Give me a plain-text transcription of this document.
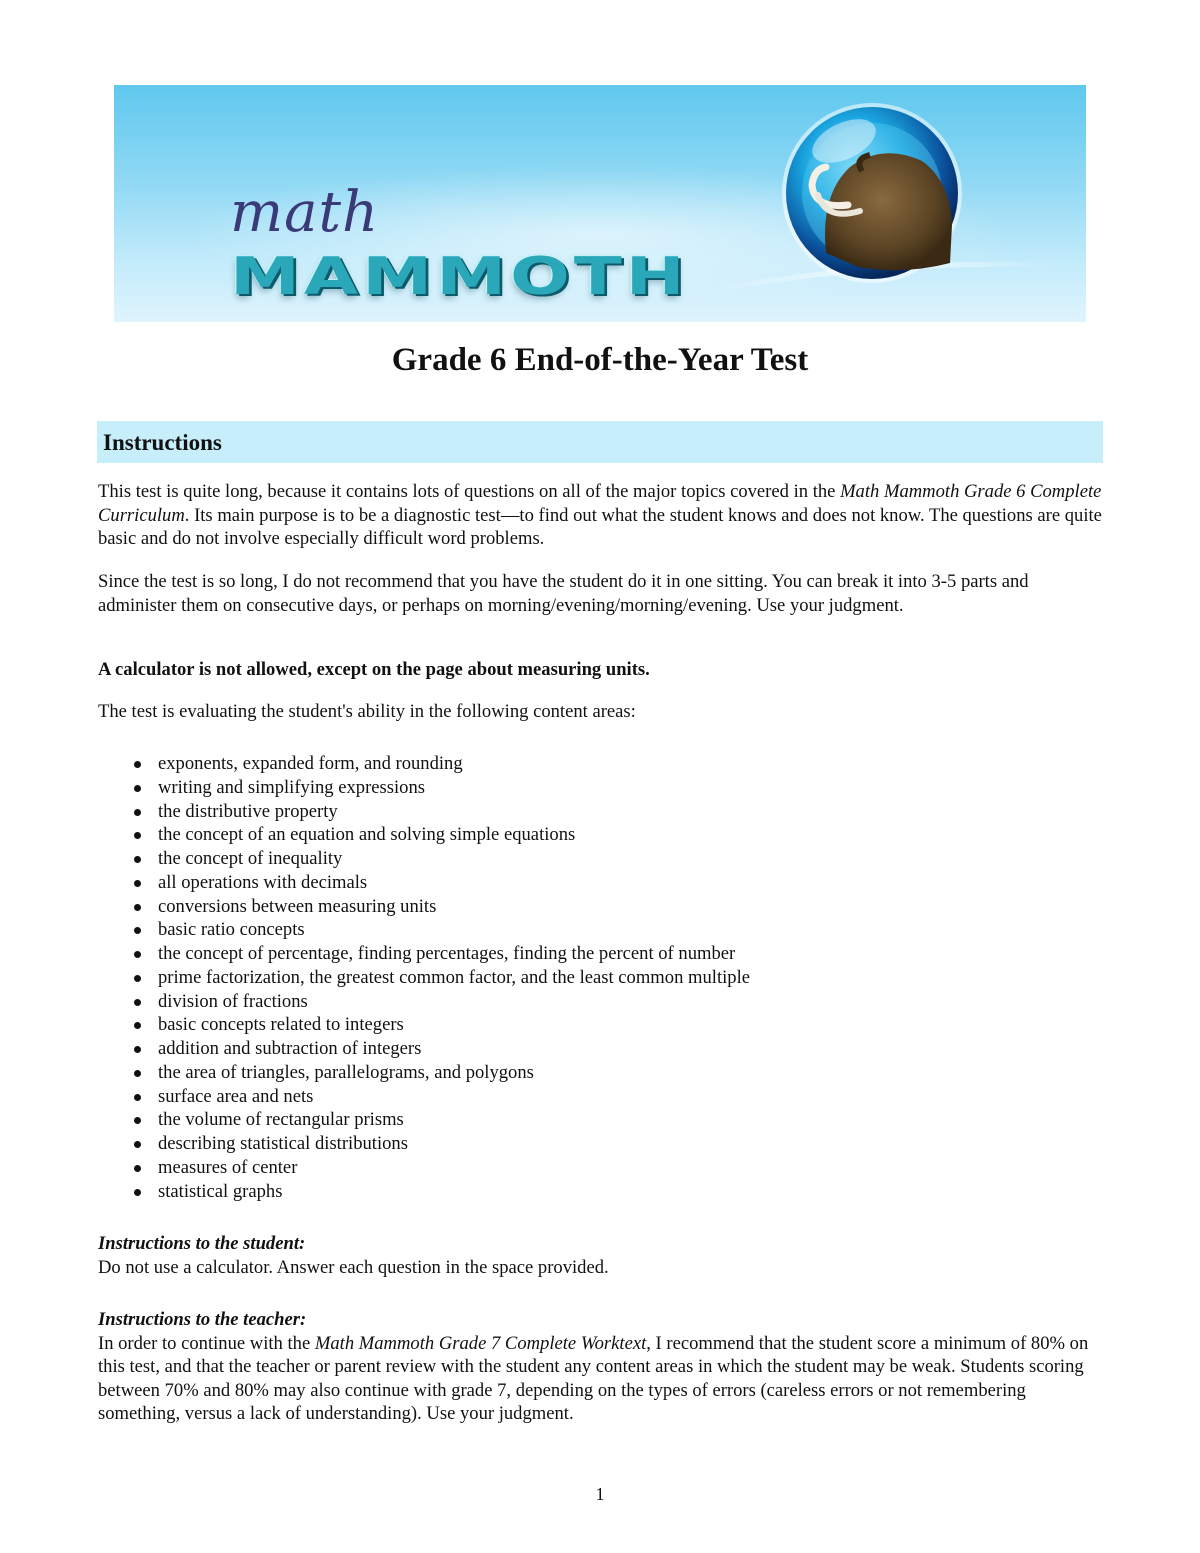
math
MAMMOTH
Grade 6 End-of-the-Year Test
Instructions

This test is quite long, because it contains lots of questions on all of the major topics covered in the Math Mammoth Grade 6 Complete Curriculum. Its main purpose is to be a diagnostic test—to find out what the student knows and does not know. The questions are quite basic and do not involve especially difficult word problems.

Since the test is so long, I do not recommend that you have the student do it in one sitting. You can break it into 3-5 parts and administer them on consecutive days, or perhaps on morning/evening/morning/evening. Use your judgment.

A calculator is not allowed, except on the page about measuring units.

The test is evaluating the student's ability in the following content areas:

exponents, expanded form, and rounding
writing and simplifying expressions
the distributive property
the concept of an equation and solving simple equations
the concept of inequality
all operations with decimals
conversions between measuring units
basic ratio concepts
the concept of percentage, finding percentages, finding the percent of number
prime factorization, the greatest common factor, and the least common multiple
division of fractions
basic concepts related to integers
addition and subtraction of integers
the area of triangles, parallelograms, and polygons
surface area and nets
the volume of rectangular prisms
describing statistical distributions
measures of center
statistical graphs

Instructions to the student:
Do not use a calculator. Answer each question in the space provided.

Instructions to the teacher:
In order to continue with the Math Mammoth Grade 7 Complete Worktext, I recommend that the student score a minimum of 80% on this test, and that the teacher or parent review with the student any content areas in which the student may be weak. Students scoring between 70% and 80% may also continue with grade 7, depending on the types of errors (careless errors or not remembering something, versus a lack of understanding). Use your judgment.

1
